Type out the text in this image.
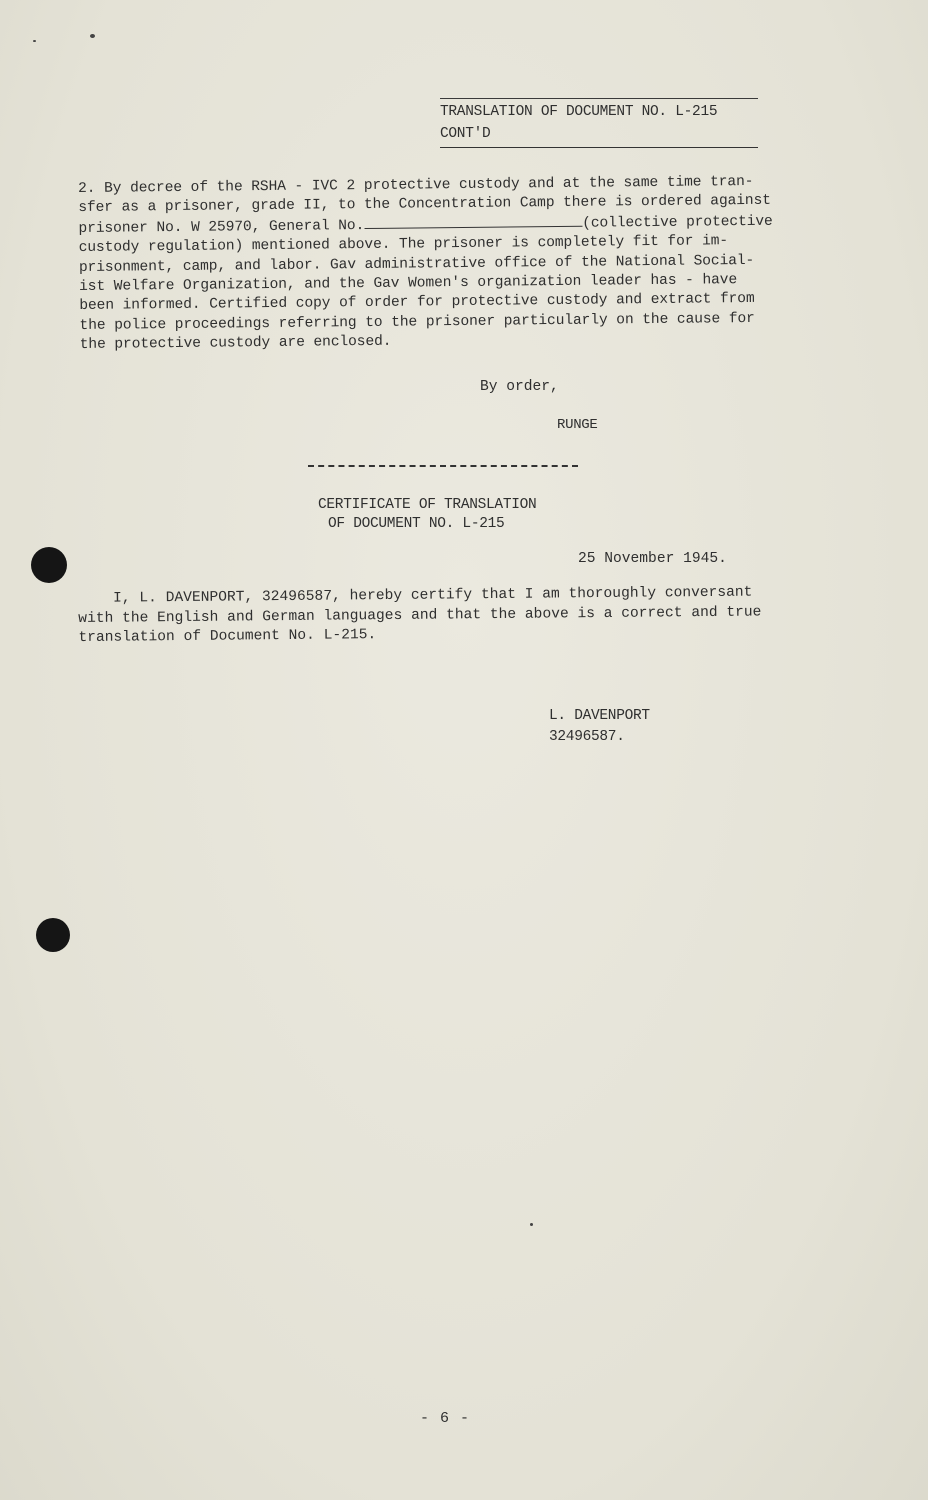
TRANSLATION OF DOCUMENT NO. L-215
CONT'D
2. By decree of the RSHA - IVC 2 protective custody and at the same time tran-
sfer as a prisoner, grade II, to the Concentration Camp there is ordered against
prisoner No. W 25970, General No.	(collective protective
custody regulation) mentioned above. The prisoner is completely fit for im-
prisonment, camp, and labor. Gav administrative office of the National Social-
ist Welfare Organization, and the Gav Women's organization leader has - have
been informed. Certified copy of order for protective custody and extract from
the police proceedings referring to the prisoner particularly on the cause for
the protective custody are enclosed.
By order,
RUNGE
CERTIFICATE OF TRANSLATION
OF DOCUMENT NO. L-215
25 November 1945.
I, L. DAVENPORT, 32496587, hereby certify that I am thoroughly conversant
with the English and German languages and that the above is a correct and true
translation of Document No. L-215.
L. DAVENPORT
32496587.
- 6 -
